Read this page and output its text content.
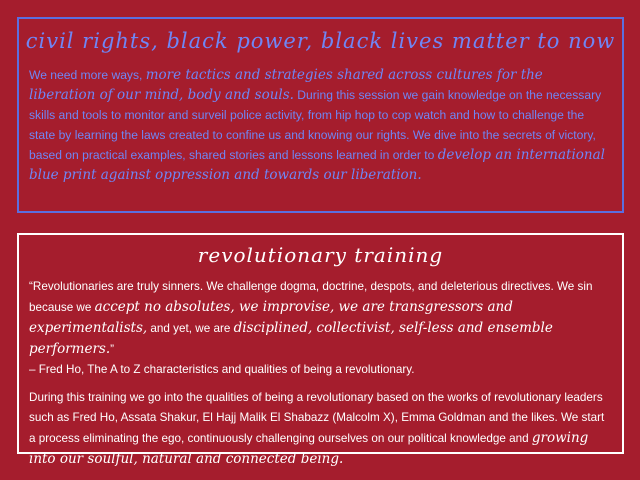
civil rights, black power, black lives matter to now
We need more ways, more tactics and strategies shared across cultures for the liberation of our mind, body and souls. During this session we gain knowledge on the necessary skills and tools to monitor and surveil police activity, from hip hop to cop watch and how to challenge the state by learning the laws created to confine us and knowing our rights. We dive into the secrets of victory, based on practical examples, shared stories and lessons learned in order to develop an international blue print against oppression and towards our liberation.
revolutionary training
“Revolutionaries are truly sinners. We challenge dogma, doctrine, despots, and deleterious directives. We sin because we accept no absolutes, we improvise, we are transgressors and experimentalists, and yet, we are disciplined, collectivist, self-less and ensemble performers.”
– Fred Ho, The A to Z characteristics and qualities of being a revolutionary.
During this training we go into the qualities of being a revolutionary based on the works of revolutionary leaders such as Fred Ho, Assata Shakur, El Hajj Malik El Shabazz (Malcolm X), Emma Goldman and the likes. We start a process eliminating the ego, continuously challenging ourselves on our political knowledge and growing into our soulful, natural and connected being.
